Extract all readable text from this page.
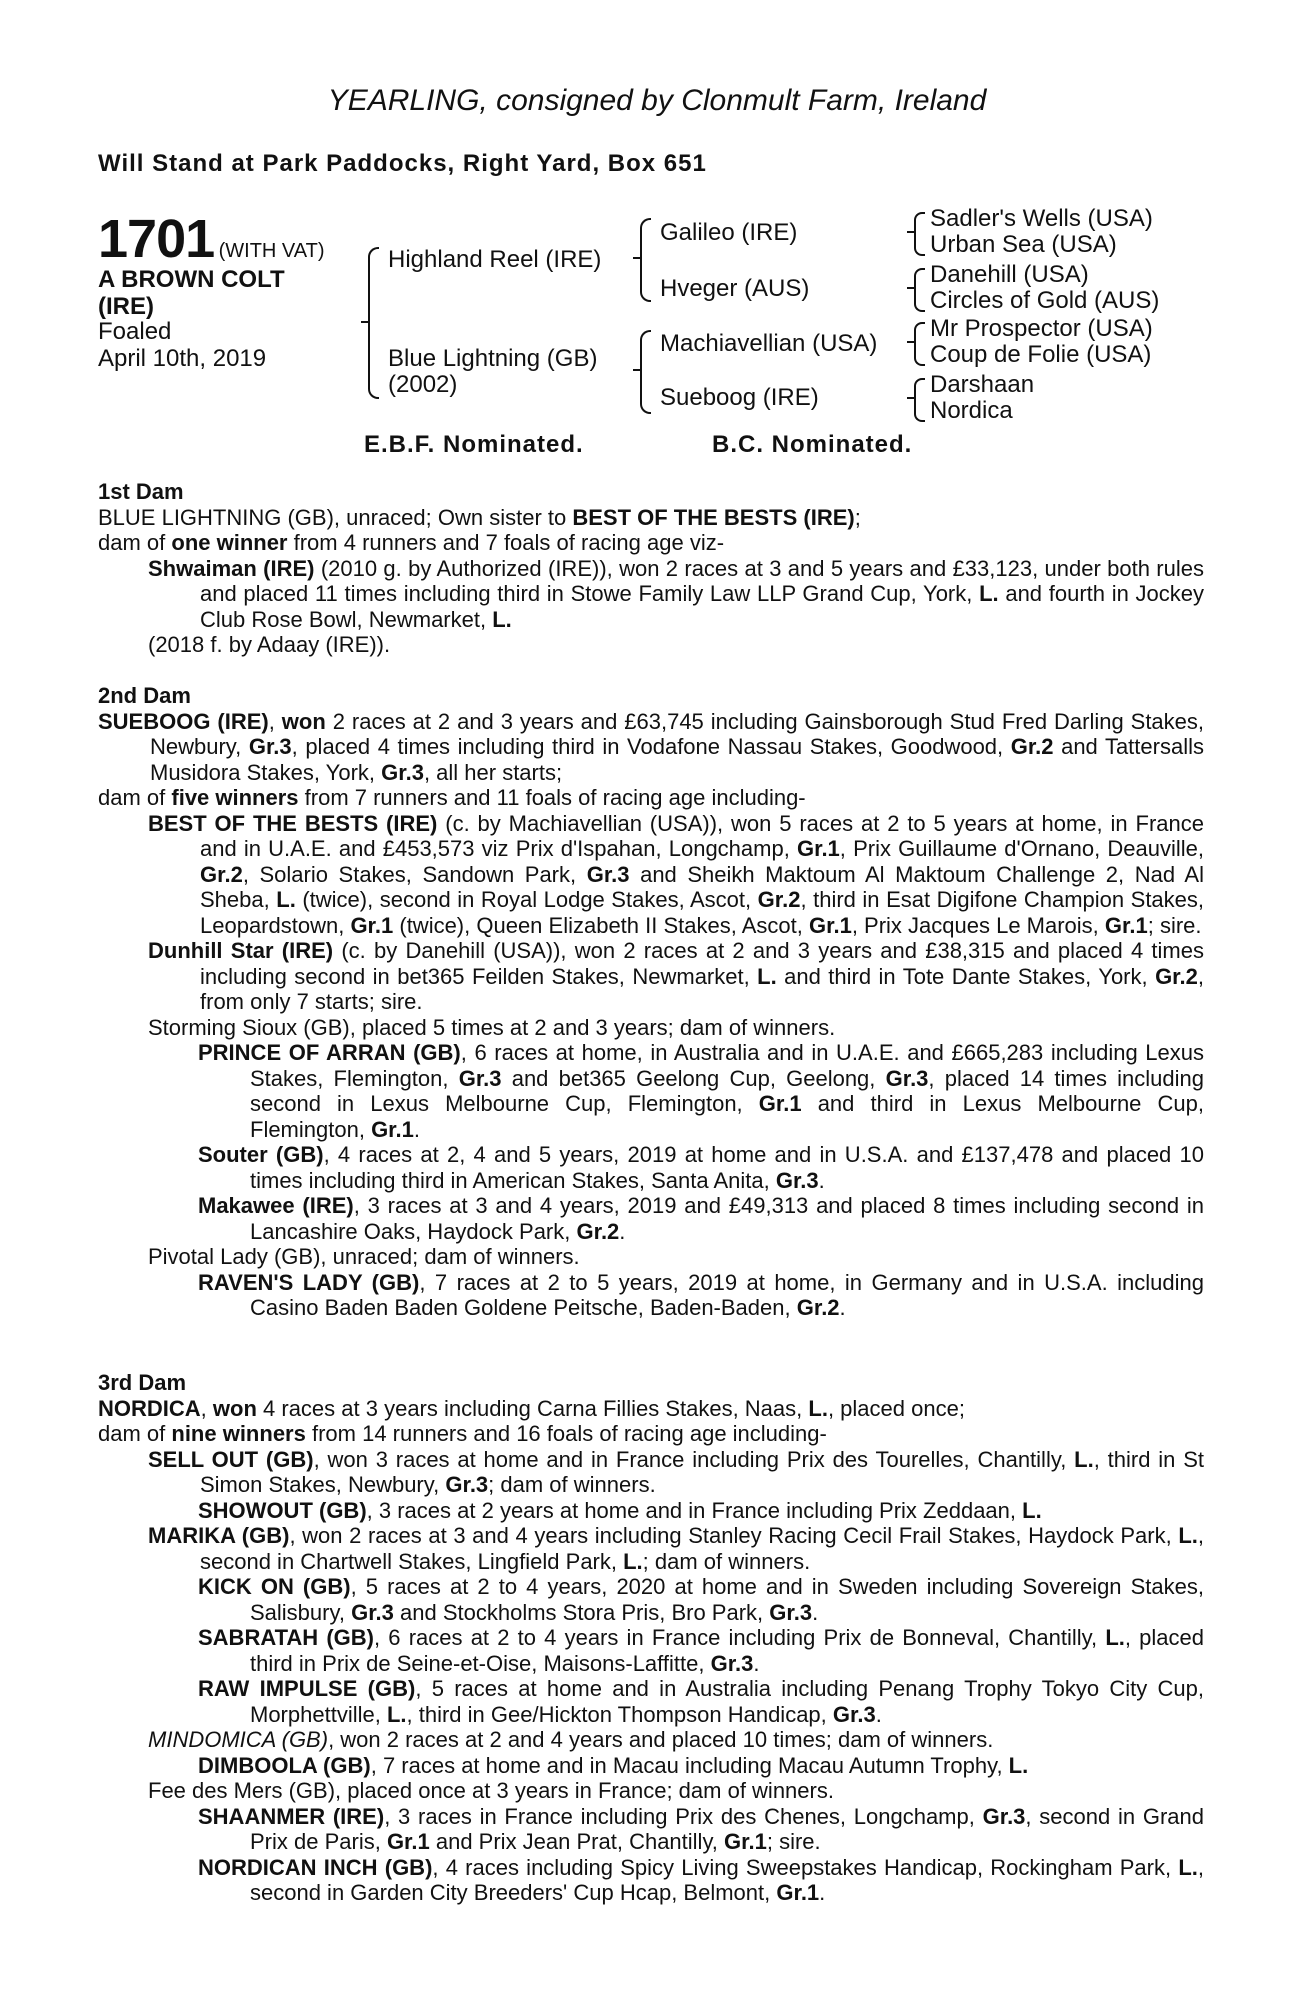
YEARLING, consigned by Clonmult Farm, Ireland
Will Stand at Park Paddocks, Right Yard, Box 651
1701 (WITH VAT)
A BROWN COLT
(IRE)
Foaled
April 10th, 2019
Highland Reel (IRE)
Blue Lightning (GB)
(2002)
Galileo (IRE)
Hveger (AUS)
Machiavellian (USA)
Sueboog (IRE)
Sadler's Wells (USA)
Urban Sea (USA)
Danehill (USA)
Circles of Gold (AUS)
Mr Prospector (USA)
Coup de Folie (USA)
Darshaan
Nordica
E.B.F. Nominated.	B.C. Nominated.
1st Dam

BLUE LIGHTNING (GB), unraced; Own sister to BEST OF THE BESTS (IRE);

dam of one winner from 4 runners and 7 foals of racing age viz-

Shwaiman (IRE) (2010 g. by Authorized (IRE)), won 2 races at 3 and 5 years and £33,123, under both rules and placed 11 times including third in Stowe Family Law LLP Grand Cup, York, L. and fourth in Jockey Club Rose Bowl, Newmarket, L.

(2018 f. by Adaay (IRE)).

2nd Dam

SUEBOOG (IRE), won 2 races at 2 and 3 years and £63,745 including Gainsborough Stud Fred Darling Stakes, Newbury, Gr.3, placed 4 times including third in Vodafone Nassau Stakes, Goodwood, Gr.2 and Tattersalls Musidora Stakes, York, Gr.3, all her starts;

dam of five winners from 7 runners and 11 foals of racing age including-

BEST OF THE BESTS (IRE) (c. by Machiavellian (USA)), won 5 races at 2 to 5 years at home, in France and in U.A.E. and £453,573 viz Prix d'Ispahan, Longchamp, Gr.1, Prix Guillaume d'Ornano, Deauville, Gr.2, Solario Stakes, Sandown Park, Gr.3 and Sheikh Maktoum Al Maktoum Challenge 2, Nad Al Sheba, L. (twice), second in Royal Lodge Stakes, Ascot, Gr.2, third in Esat Digifone Champion Stakes, Leopardstown, Gr.1 (twice), Queen Elizabeth II Stakes, Ascot, Gr.1, Prix Jacques Le Marois, Gr.1; sire.

Dunhill Star (IRE) (c. by Danehill (USA)), won 2 races at 2 and 3 years and £38,315 and placed 4 times including second in bet365 Feilden Stakes, Newmarket, L. and third in Tote Dante Stakes, York, Gr.2, from only 7 starts; sire.

Storming Sioux (GB), placed 5 times at 2 and 3 years; dam of winners.

PRINCE OF ARRAN (GB), 6 races at home, in Australia and in U.A.E. and £665,283 including Lexus Stakes, Flemington, Gr.3 and bet365 Geelong Cup, Geelong, Gr.3, placed 14 times including second in Lexus Melbourne Cup, Flemington, Gr.1 and third in Lexus Melbourne Cup, Flemington, Gr.1.

Souter (GB), 4 races at 2, 4 and 5 years, 2019 at home and in U.S.A. and £137,478 and placed 10 times including third in American Stakes, Santa Anita, Gr.3.

Makawee (IRE), 3 races at 3 and 4 years, 2019 and £49,313 and placed 8 times including second in Lancashire Oaks, Haydock Park, Gr.2.

Pivotal Lady (GB), unraced; dam of winners.

RAVEN'S LADY (GB), 7 races at 2 to 5 years, 2019 at home, in Germany and in U.S.A. including Casino Baden Baden Goldene Peitsche, Baden-Baden, Gr.2.

3rd Dam

NORDICA, won 4 races at 3 years including Carna Fillies Stakes, Naas, L., placed once;

dam of nine winners from 14 runners and 16 foals of racing age including-

SELL OUT (GB), won 3 races at home and in France including Prix des Tourelles, Chantilly, L., third in St Simon Stakes, Newbury, Gr.3; dam of winners.

SHOWOUT (GB), 3 races at 2 years at home and in France including Prix Zeddaan, L.

MARIKA (GB), won 2 races at 3 and 4 years including Stanley Racing Cecil Frail Stakes, Haydock Park, L., second in Chartwell Stakes, Lingfield Park, L.; dam of winners.

KICK ON (GB), 5 races at 2 to 4 years, 2020 at home and in Sweden including Sovereign Stakes, Salisbury, Gr.3 and Stockholms Stora Pris, Bro Park, Gr.3.

SABRATAH (GB), 6 races at 2 to 4 years in France including Prix de Bonneval, Chantilly, L., placed third in Prix de Seine-et-Oise, Maisons-Laffitte, Gr.3.

RAW IMPULSE (GB), 5 races at home and in Australia including Penang Trophy Tokyo City Cup, Morphettville, L., third in Gee/Hickton Thompson Handicap, Gr.3.

MINDOMICA (GB), won 2 races at 2 and 4 years and placed 10 times; dam of winners.

DIMBOOLA (GB), 7 races at home and in Macau including Macau Autumn Trophy, L.

Fee des Mers (GB), placed once at 3 years in France; dam of winners.

SHAANMER (IRE), 3 races in France including Prix des Chenes, Longchamp, Gr.3, second in Grand Prix de Paris, Gr.1 and Prix Jean Prat, Chantilly, Gr.1; sire.

NORDICAN INCH (GB), 4 races including Spicy Living Sweepstakes Handicap, Rockingham Park, L., second in Garden City Breeders' Cup Hcap, Belmont, Gr.1.
